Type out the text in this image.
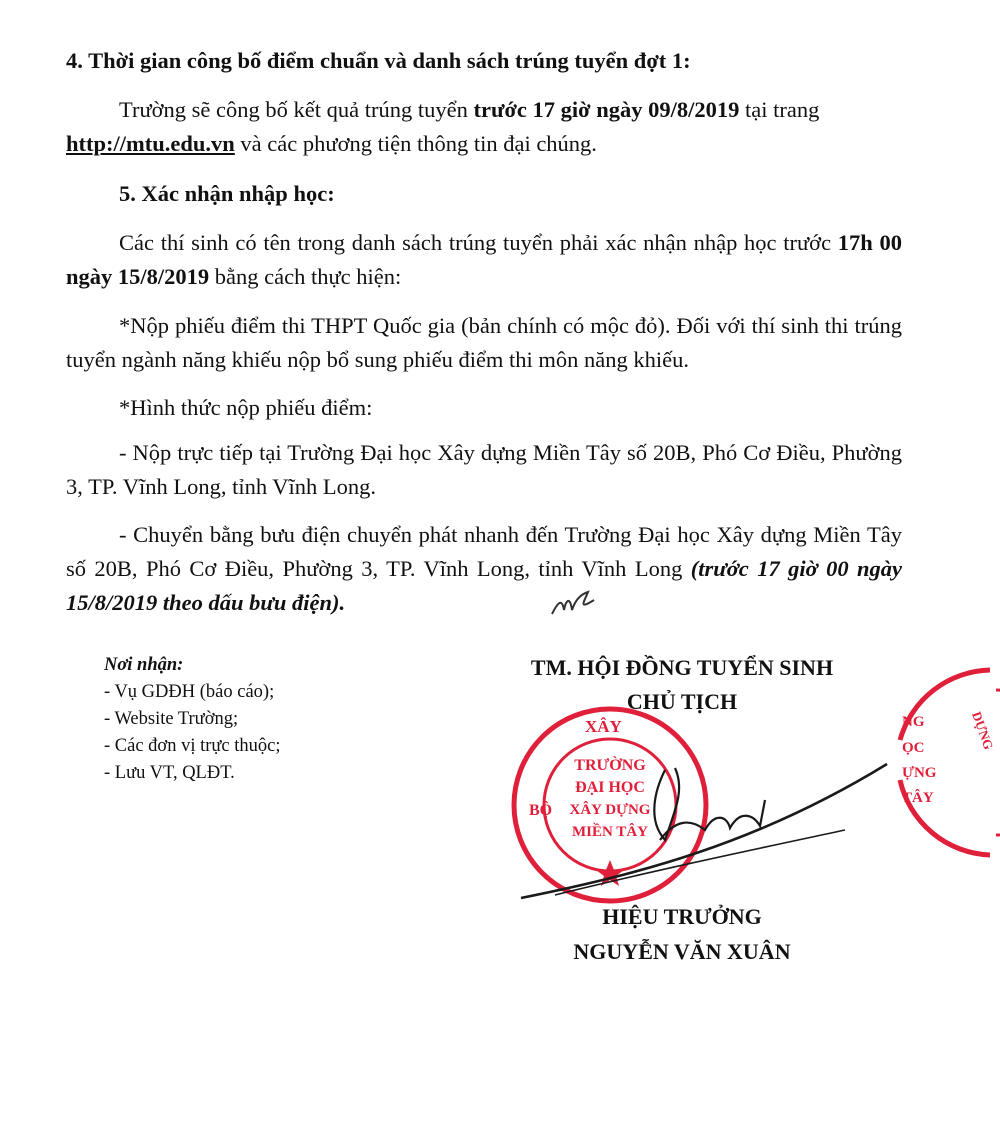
4. Thời gian công bố điểm chuẩn và danh sách trúng tuyển đợt 1:

Trường sẽ công bố kết quả trúng tuyển trước 17 giờ ngày 09/8/2019 tại trang
http://mtu.edu.vn và các phương tiện thông tin đại chúng.

5. Xác nhận nhập học:

Các thí sinh có tên trong danh sách trúng tuyển phải xác nhận nhập học trước 17h 00 ngày 15/8/2019 bằng cách thực hiện:

*Nộp phiếu điểm thi THPT Quốc gia (bản chính có mộc đỏ). Đối với thí sinh thi trúng tuyển ngành năng khiếu nộp bổ sung phiếu điểm thi môn năng khiếu.

*Hình thức nộp phiếu điểm:

- Nộp trực tiếp tại Trường Đại học Xây dựng Miền Tây số 20B, Phó Cơ Điều, Phường 3, TP. Vĩnh Long, tỉnh Vĩnh Long.

- Chuyển bằng bưu điện chuyển phát nhanh đến Trường Đại học Xây dựng Miền Tây số 20B, Phó Cơ Điều, Phường 3, TP. Vĩnh Long, tỉnh Vĩnh Long (trước 17 giờ 00 ngày 15/8/2019 theo dấu bưu điện).

Nơi nhận:
- Vụ GDĐH (báo cáo);
- Website Trường;
- Các đơn vị trực thuộc;
- Lưu VT, QLĐT.
TM. HỘI ĐỒNG TUYỂN SINH
CHỦ TỊCH
XÂY
BỘ
TRƯỜNG
ĐẠI HỌC
XÂY DỰNG
MIỀN TÂY
NG
ỌC
ỰNG
TÂY
DỰNG
HIỆU TRƯỞNG
NGUYỄN VĂN XUÂN
